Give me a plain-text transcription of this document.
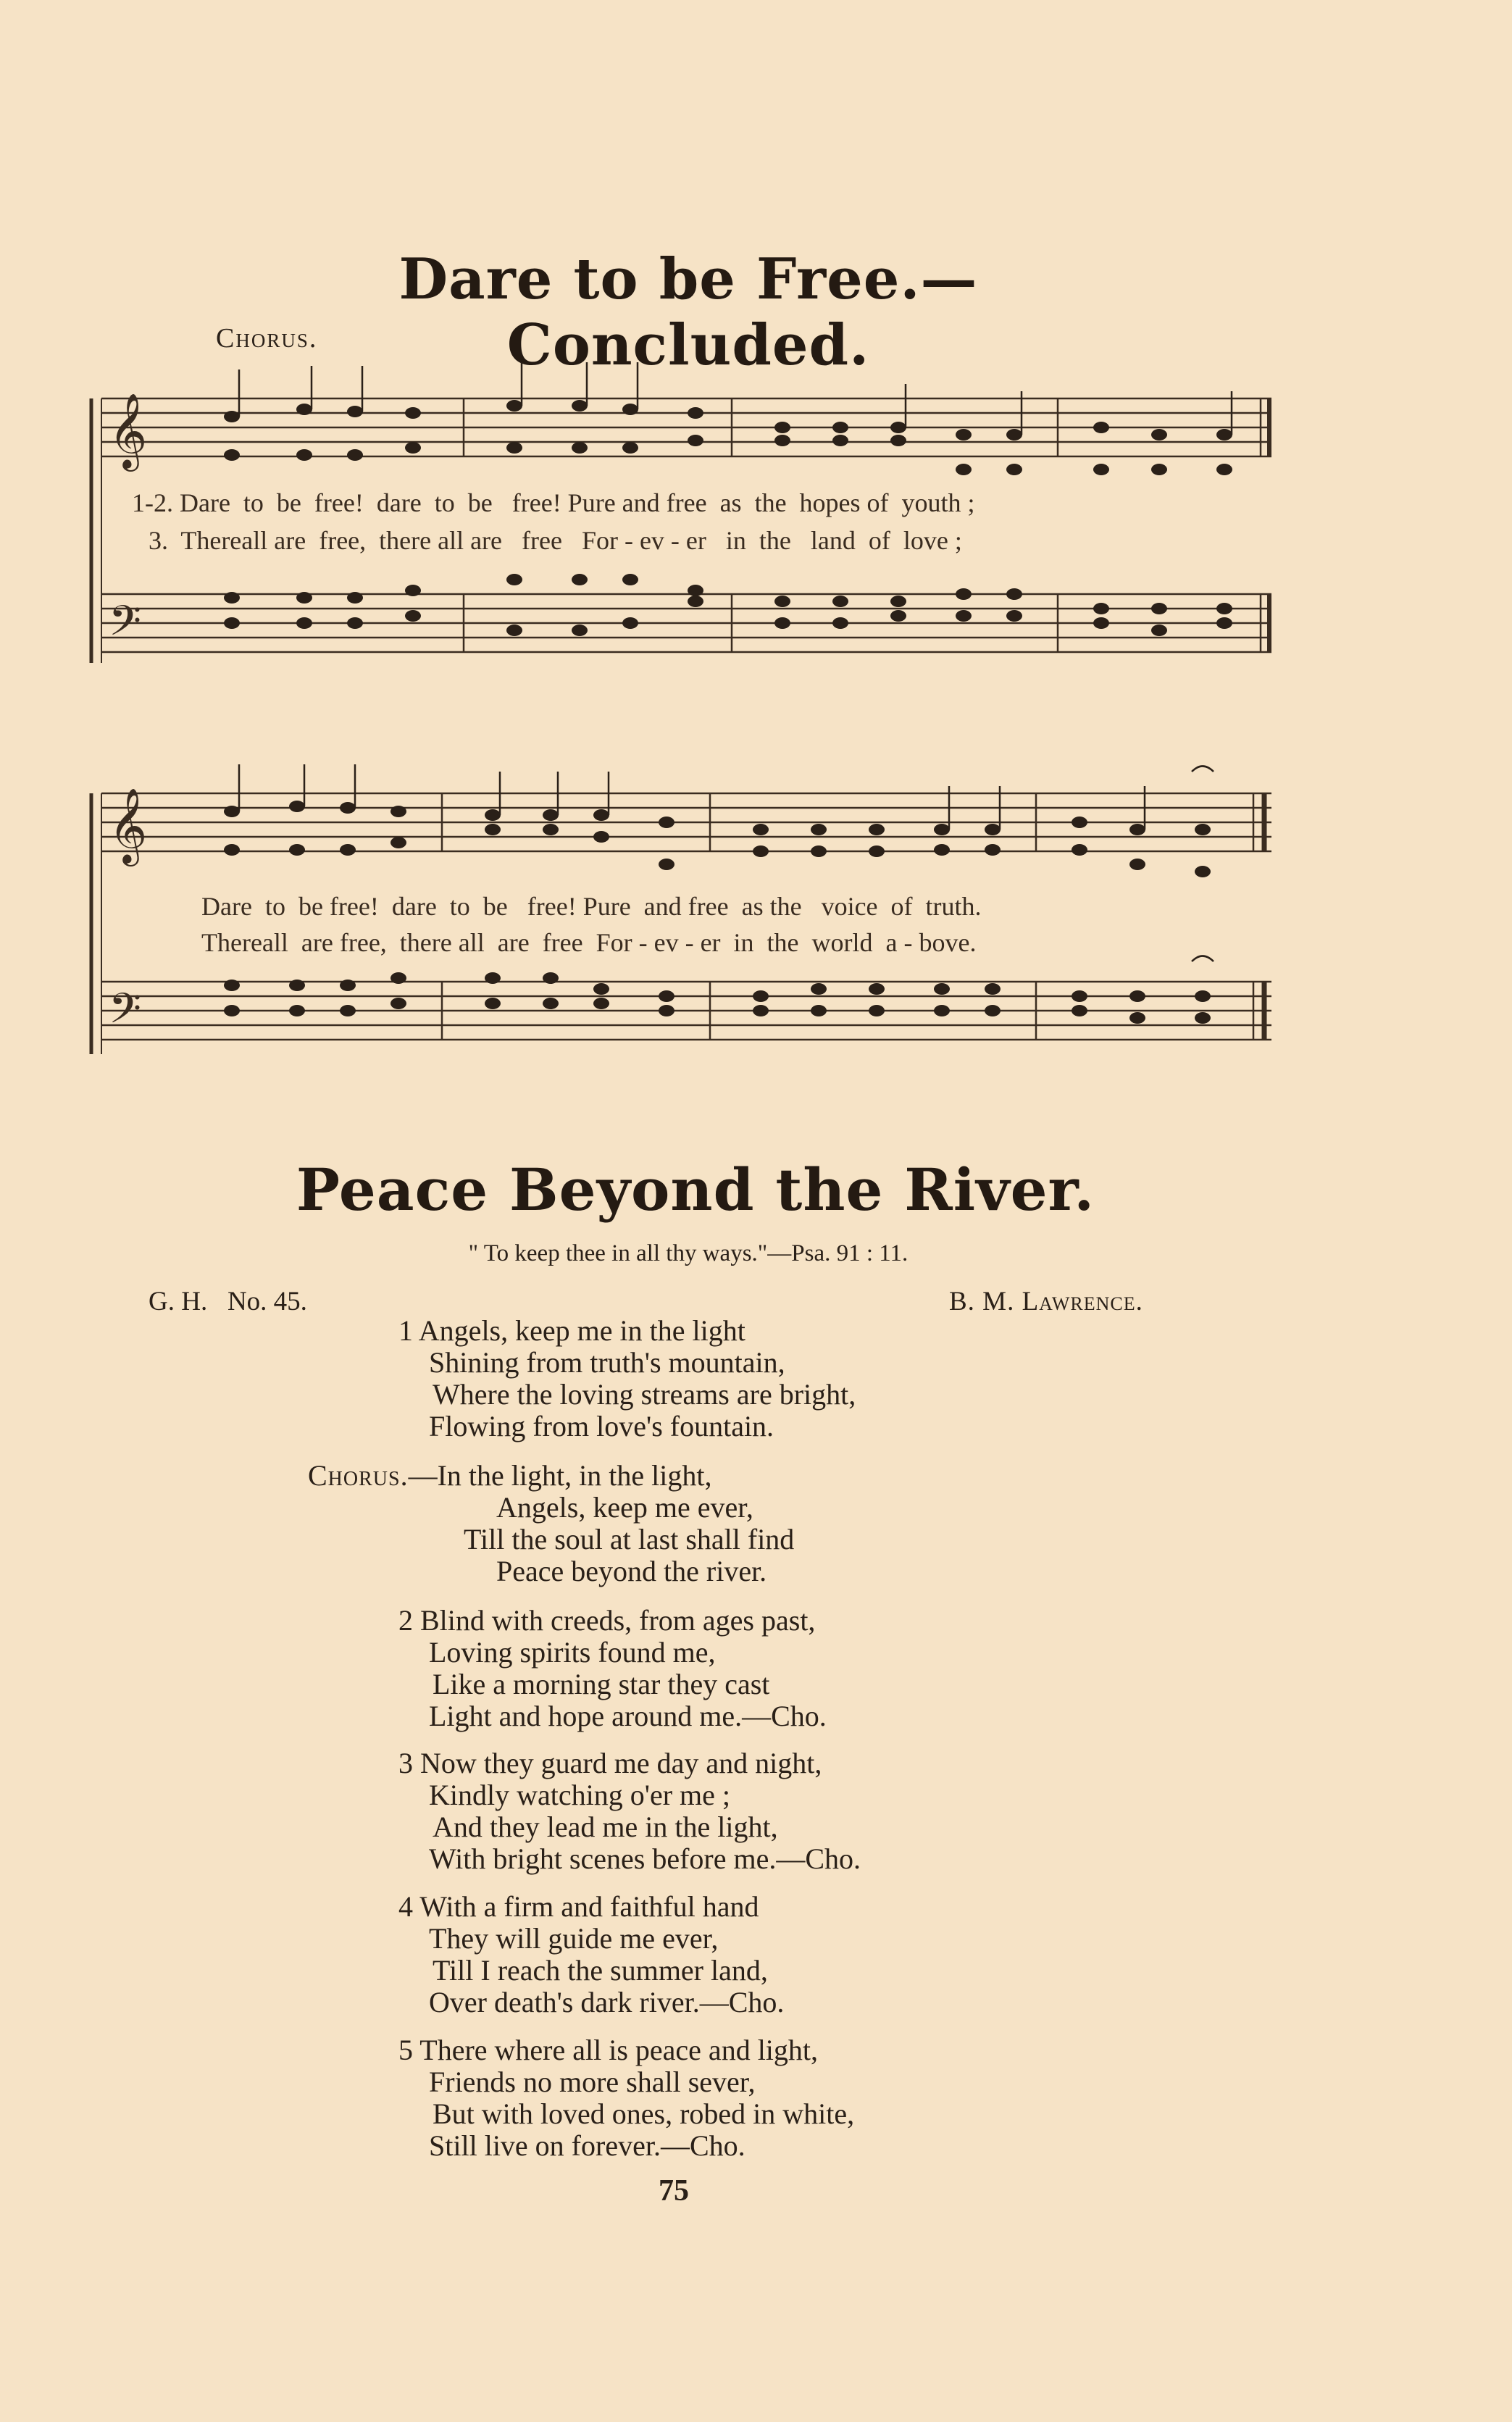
Dare to be Free.—Concluded.
Chorus.
𝄞
𝄢
1-2. Dare  to  be  free!  dare  to  be   free! Pure and free  as  the  hopes of  youth ;
3.  Thereall are  free,  there all are   free   For - ev - er   in  the   land  of  love ;
𝄞
𝄢
Dare  to  be free!  dare  to  be   free! Pure  and free  as the   voice  of  truth.
Thereall  are free,  there all  are  free  For - ev - er  in  the  world  a - bove.
Peace Beyond the River.
" To keep thee in all thy ways."—Psa. 91 : 11.
G. H.   No. 45.	B. M. Lawrence.
1 Angels, keep me in the light
Shining from truth's mountain,
Where the loving streams are bright,
Flowing from love's fountain.
Chorus.—In the light, in the light,
Angels, keep me ever,
Till the soul at last shall find
Peace beyond the river.
2 Blind with creeds, from ages past,
Loving spirits found me,
Like a morning star they cast
Light and hope around me.—Cho.
3 Now they guard me day and night,
Kindly watching o'er me ;
And they lead me in the light,
With bright scenes before me.—Cho.
4 With a firm and faithful hand
They will guide me ever,
Till I reach the summer land,
Over death's dark river.—Cho.
5 There where all is peace and light,
Friends no more shall sever,
But with loved ones, robed in white,
Still live on forever.—Cho.
75
